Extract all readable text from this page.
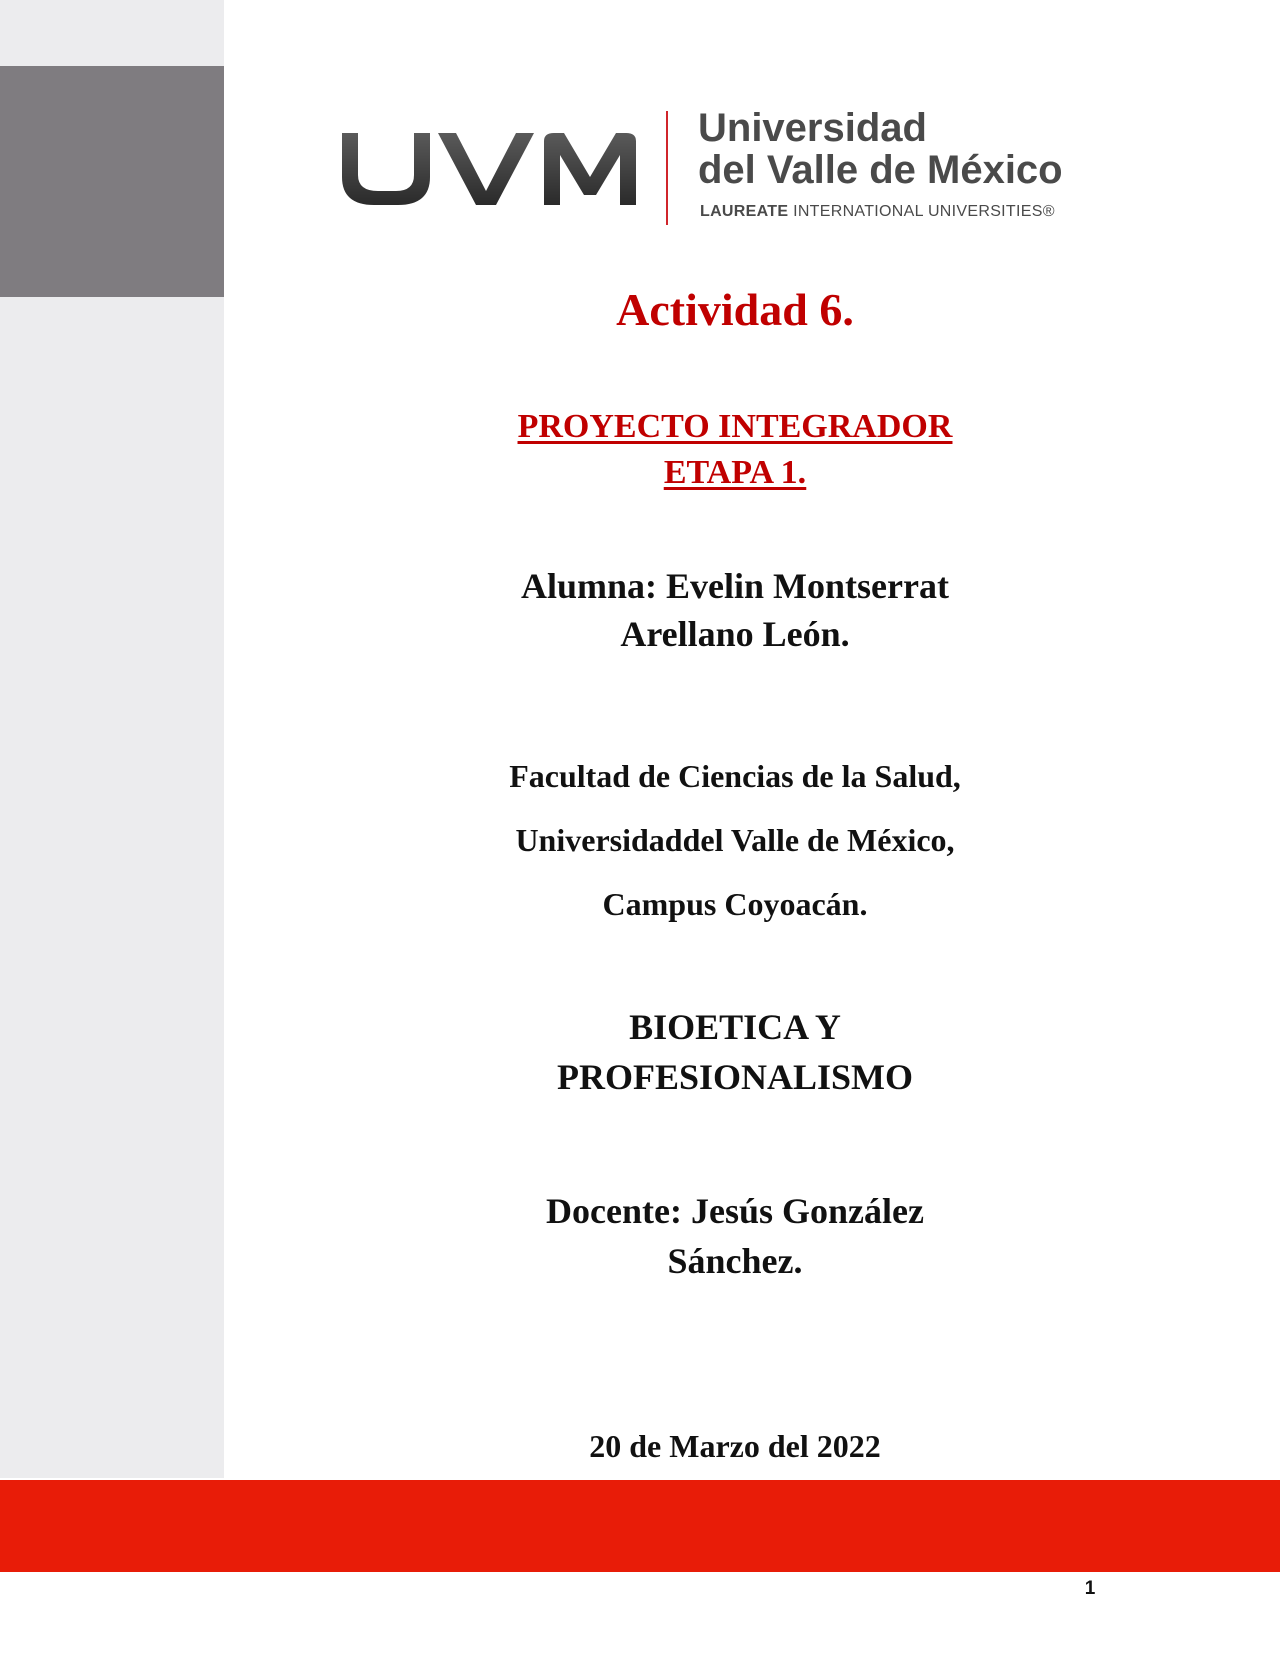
Universidad
del Valle de México
LAUREATE INTERNATIONAL UNIVERSITIES®
Actividad 6.
PROYECTO INTEGRADOR
ETAPA 1.
Alumna: Evelin Montserrat
Arellano León.
Facultad de Ciencias de la Salud,
Universidaddel Valle de México,
Campus Coyoacán.
BIOETICA Y
PROFESIONALISMO
Docente: Jesús González
Sánchez.
20 de Marzo del 2022
1
